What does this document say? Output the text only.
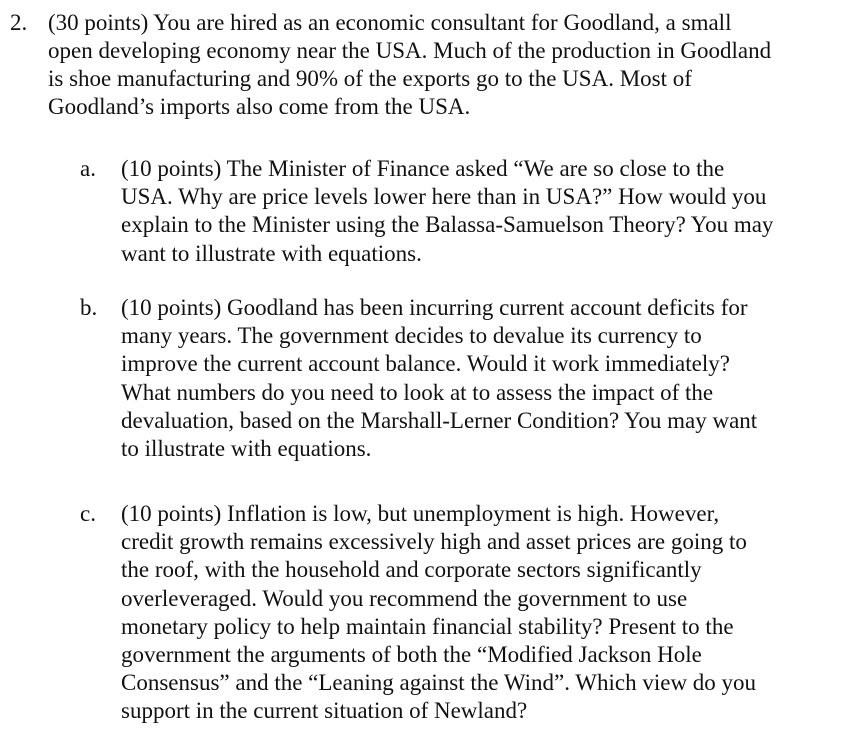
2. (30 points) You are hired as an economic consultant for Goodland, a small
open developing economy near the USA. Much of the production in Goodland
is shoe manufacturing and 90% of the exports go to the USA. Most of
Goodland’s imports also come from the USA.
a.	(10 points) The Minister of Finance asked “We are so close to the
USA. Why are price levels lower here than in USA?” How would you
explain to the Minister using the Balassa-Samuelson Theory? You may
want to illustrate with equations.
b.	(10 points) Goodland has been incurring current account deficits for
many years. The government decides to devalue its currency to
improve the current account balance. Would it work immediately?
What numbers do you need to look at to assess the impact of the
devaluation, based on the Marshall-Lerner Condition? You may want
to illustrate with equations.
c.	(10 points) Inflation is low, but unemployment is high. However,
credit growth remains excessively high and asset prices are going to
the roof, with the household and corporate sectors significantly
overleveraged. Would you recommend the government to use
monetary policy to help maintain financial stability? Present to the
government the arguments of both the “Modified Jackson Hole
Consensus” and the “Leaning against the Wind”. Which view do you
support in the current situation of Newland?
